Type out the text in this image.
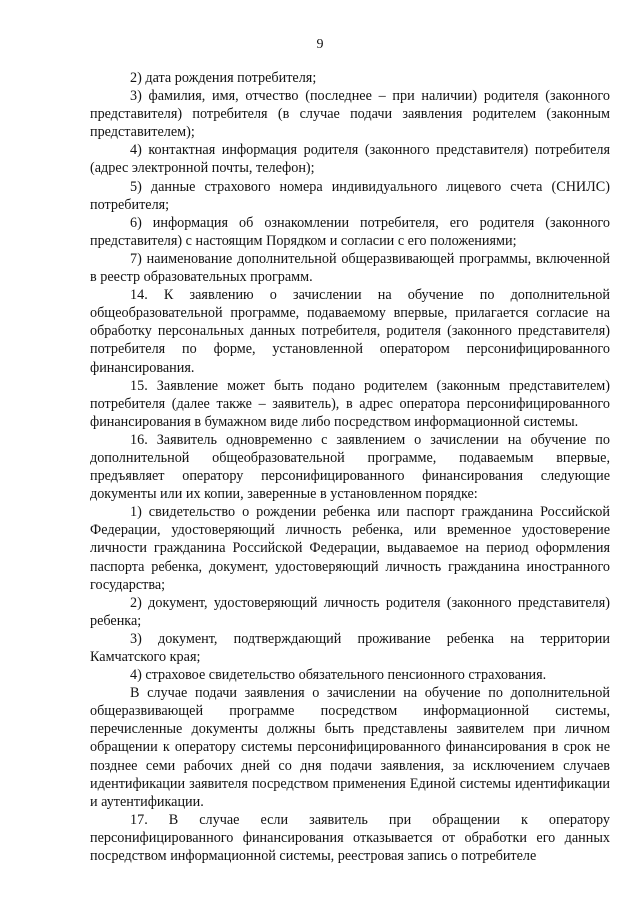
9

2) дата рождения потребителя;

3) фамилия, имя, отчество (последнее – при наличии) родителя (законного представителя) потребителя (в случае подачи заявления родителем (законным представителем);

4) контактная информация родителя (законного представителя) потребителя (адрес электронной почты, телефон);

5) данные страхового номера индивидуального лицевого счета (СНИЛС) потребителя;

6) информация об ознакомлении потребителя, его родителя (законного представителя) с настоящим Порядком и согласии с его положениями;

7) наименование дополнительной общеразвивающей программы, включенной в реестр образовательных программ.

14. К заявлению о зачислении на обучение по дополнительной общеобразовательной программе, подаваемому впервые, прилагается согласие на обработку персональных данных потребителя, родителя (законного представителя) потребителя по форме, установленной оператором персонифицированного финансирования.

15. Заявление может быть подано родителем (законным представителем) потребителя (далее также – заявитель), в адрес оператора персонифицированного финансирования в бумажном виде либо посредством информационной системы.

16. Заявитель одновременно с заявлением о зачислении на обучение по дополнительной общеобразовательной программе, подаваемым впервые, предъявляет оператору персонифицированного финансирования следующие документы или их копии, заверенные в установленном порядке:

1) свидетельство о рождении ребенка или паспорт гражданина Российской Федерации, удостоверяющий личность ребенка, или временное удостоверение личности гражданина Российской Федерации, выдаваемое на период оформления паспорта ребенка, документ, удостоверяющий личность гражданина иностранного государства;

2) документ, удостоверяющий личность родителя (законного представителя) ребенка;

3) документ, подтверждающий проживание ребенка на территории Камчатского края;

4) страховое свидетельство обязательного пенсионного страхования.

В случае подачи заявления о зачислении на обучение по дополнительной общеразвивающей программе посредством информационной системы, перечисленные документы должны быть представлены заявителем при личном обращении к оператору системы персонифицированного финансирования в срок не позднее семи рабочих дней со дня подачи заявления, за исключением случаев идентификации заявителя посредством применения Единой системы идентификации и аутентификации.

17. В случае если заявитель при обращении к оператору персонифицированного финансирования отказывается от обработки его данных посредством информационной системы, реестровая запись о потребителе
